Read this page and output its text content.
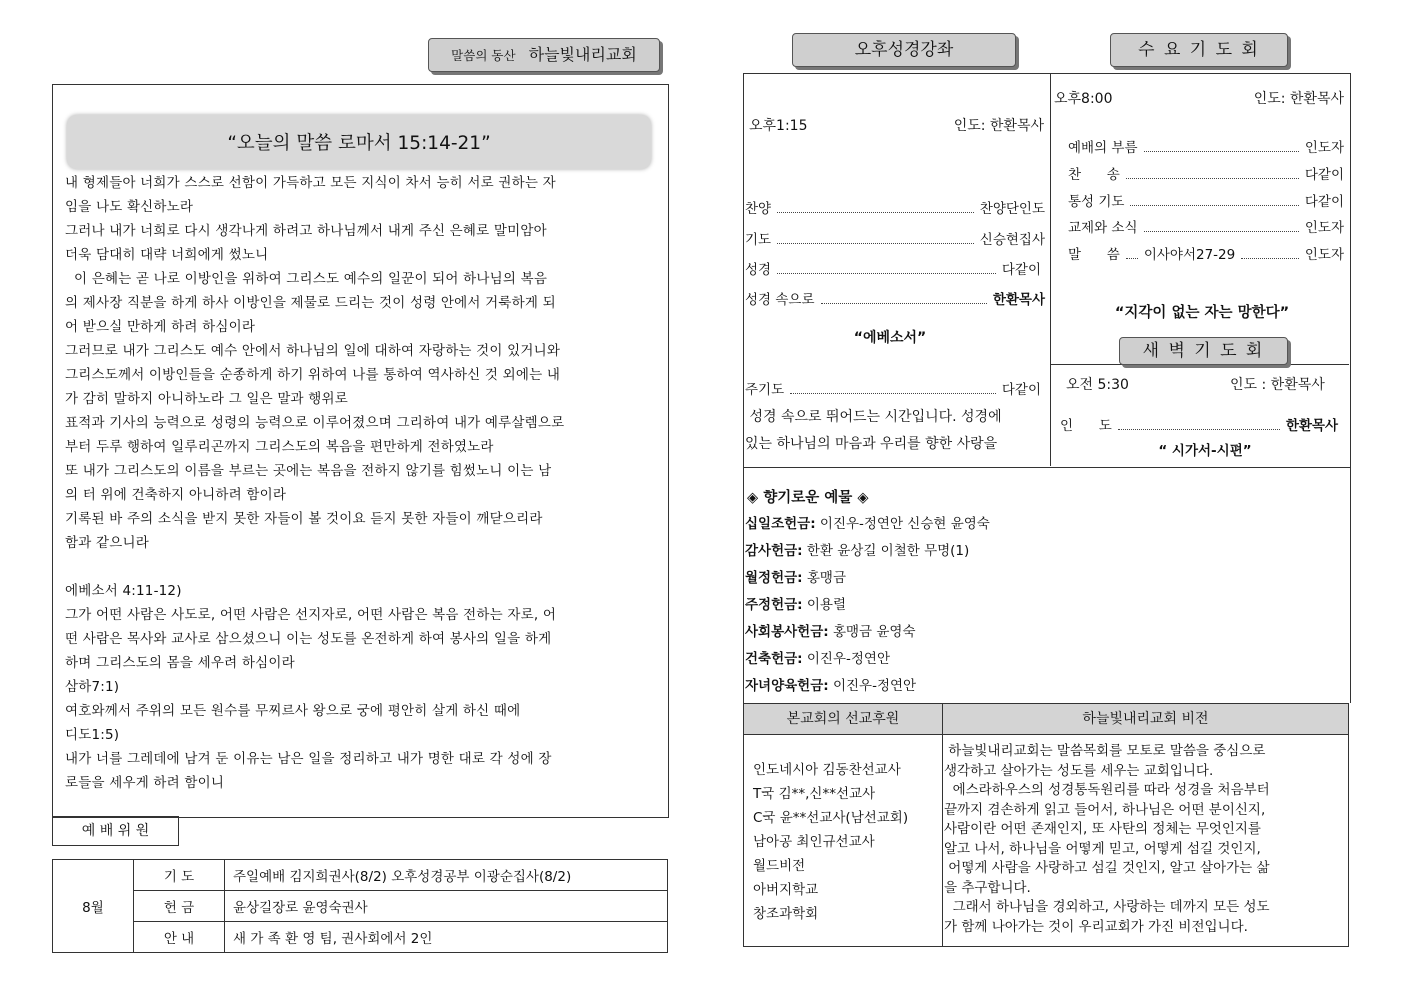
말씀의 동산 하늘빛내리교회
“오늘의 말씀 로마서 15:14-21”
내 형제들아 너희가 스스로 선함이 가득하고 모든 지식이 차서 능히 서로 권하는 자
임을 나도 확신하노라
그러나 내가 너희로 다시 생각나게 하려고 하나님께서 내게 주신 은혜로 말미암아
더욱 담대히 대략 너희에게 썼노니
이 은혜는 곧 나로 이방인을 위하여 그리스도 예수의 일꾼이 되어 하나님의 복음
의 제사장 직분을 하게 하사 이방인을 제물로 드리는 것이 성령 안에서 거룩하게 되
어 받으실 만하게 하려 하심이라
그러므로 내가 그리스도 예수 안에서 하나님의 일에 대하여 자랑하는 것이 있거니와
그리스도께서 이방인들을 순종하게 하기 위하여 나를 통하여 역사하신 것 외에는 내
가 감히 말하지 아니하노라 그 일은 말과 행위로
표적과 기사의 능력으로 성령의 능력으로 이루어졌으며 그리하여 내가 예루살렘으로
부터 두루 행하여 일루리곤까지 그리스도의 복음을 편만하게 전하였노라
또 내가 그리스도의 이름을 부르는 곳에는 복음을 전하지 않기를 힘썼노니 이는 남
의 터 위에 건축하지 아니하려 함이라
기록된 바 주의 소식을 받지 못한 자들이 볼 것이요 듣지 못한 자들이 깨닫으리라
함과 같으니라
에베소서 4:11-12)
그가 어떤 사람은 사도로, 어떤 사람은 선지자로, 어떤 사람은 복음 전하는 자로, 어
떤 사람은 목사와 교사로 삼으셨으니 이는 성도를 온전하게 하여 봉사의 일을 하게
하며 그리스도의 몸을 세우려 하심이라
삼하7:1)
여호와께서 주위의 모든 원수를 무찌르사 왕으로 궁에 평안히 살게 하신 때에
디도1:5)
내가 너를 그레데에 남겨 둔 이유는 남은 일을 정리하고 내가 명한 대로 각 성에 장
로들을 세우게 하려 함이니
예 배 위 원
8월	기 도	주일예배 김지희권사(8/2) 오후성경공부 이광순집사(8/2)
	헌 금	윤상길장로 윤영숙권사
	안 내	새 가 족 환 영 팀, 권사회에서 2인
오후성경강좌	수 요 기 도 회
오후1:15	인도: 한환목사
찬양	찬양단인도
기도	신승현집사
성경	다같이
성경 속으로	한환목사
“에베소서”
주기도	다같이
성경 속으로 뛰어드는 시간입니다. 성경에
있는 하나님의 마음과 우리를 향한 사랑을
오후8:00	인도: 한환목사
예배의 부름	인도자
찬      송	다같이
통성 기도	다같이
교제와 소식	인도자
말      씀 이사야서27-29	인도자
“지각이 없는 자는 망한다”
새 벽 기 도 회
오전 5:30	인도 : 한환목사
인      도	한환목사
“ 시가서-시편”
◈ 향기로운 예물 ◈
십일조헌금: 이진우-정연안 신승현 윤영숙
감사헌금: 한환 윤상길 이철한 무명(1)
월정헌금: 홍맹금
주정헌금: 이용렬
사회봉사헌금: 홍맹금 윤영숙
건축헌금: 이진우-정연안
자녀양육헌금: 이진우-정연안
본교회의 선교후원	하늘빛내리교회 비전
인도네시아 김동찬선교사
T국 김**,신**선교사
C국 윤**선교사(남선교회)
남아공 최인규선교사
월드비전
아버지학교
창조과학회
하늘빛내리교회는 말씀목회를 모토로 말씀을 중심으로
생각하고 살아가는 성도를 세우는 교회입니다.
에스라하우스의 성경통독원리를 따라 성경을 처음부터
끝까지 겸손하게 읽고 들어서, 하나님은 어떤 분이신지,
사람이란 어떤 존재인지, 또 사탄의 정체는 무엇인지를
알고 나서, 하나님을 어떻게 믿고, 어떻게 섬길 것인지,
어떻게 사람을 사랑하고 섬길 것인지, 알고 살아가는 삶
을 추구합니다.
그래서 하나님을 경외하고, 사랑하는 데까지 모든 성도
가 함께 나아가는 것이 우리교회가 가진 비전입니다.
